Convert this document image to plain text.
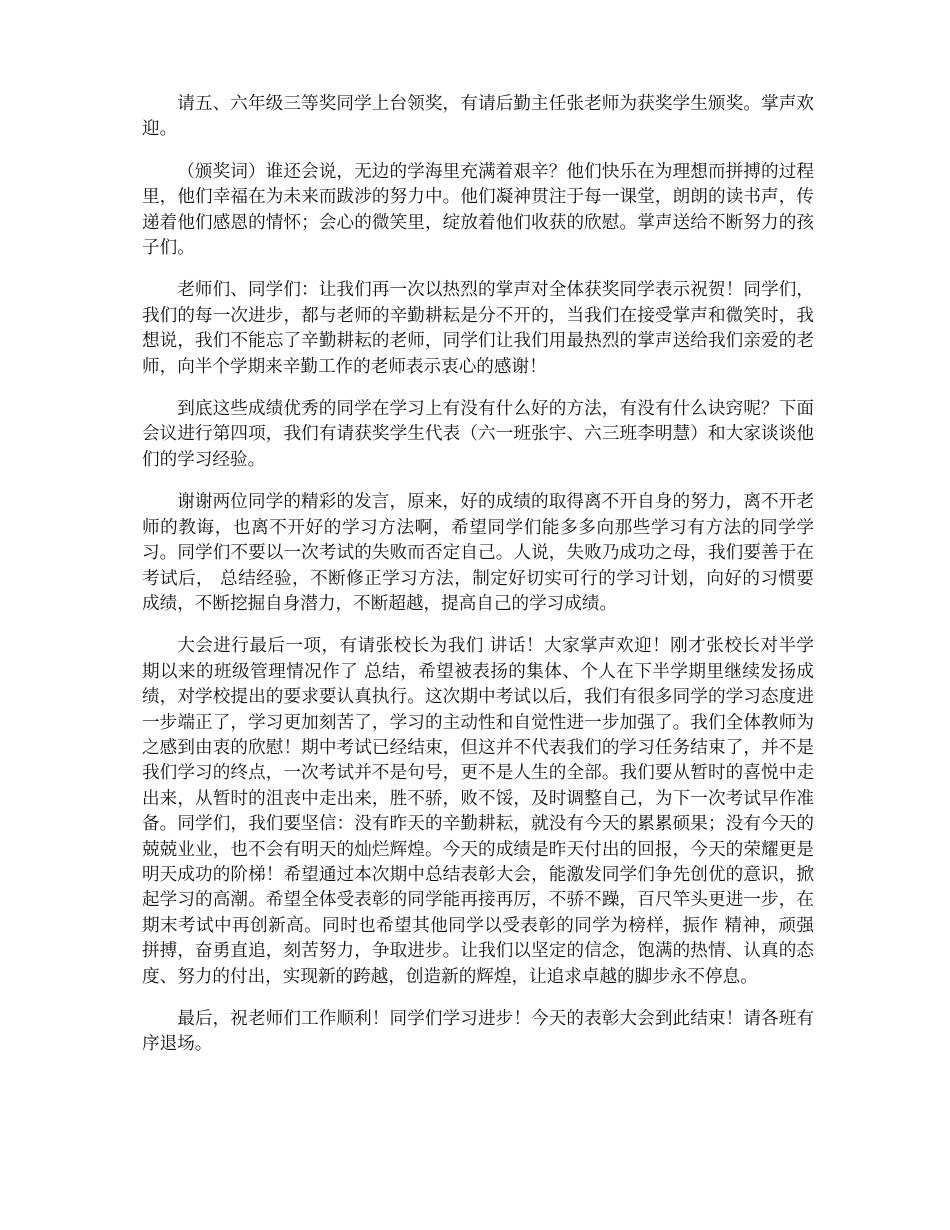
请五、六年级三等奖同学上台领奖，有请后勤主任张老师为获奖学生颁奖。掌声欢迎。

（颁奖词）谁还会说，无边的学海里充满着艰辛？他们快乐在为理想而拼搏的过程里，他们幸福在为未来而跋涉的努力中。他们凝神贯注于每一课堂，朗朗的读书声，传递着他们感恩的情怀；会心的微笑里，绽放着他们收获的欣慰。掌声送给不断努力的孩子们。

老师们、同学们：让我们再一次以热烈的掌声对全体获奖同学表示祝贺！同学们，我们的每一次进步，都与老师的辛勤耕耘是分不开的，当我们在接受掌声和微笑时，我想说，我们不能忘了辛勤耕耘的老师，同学们让我们用最热烈的掌声送给我们亲爱的老师，向半个学期来辛勤工作的老师表示衷心的感谢！

到底这些成绩优秀的同学在学习上有没有什么好的方法，有没有什么诀窍呢？下面会议进行第四项，我们有请获奖学生代表（六一班张宇、六三班李明慧）和大家谈谈他们的学习经验。

谢谢两位同学的精彩的发言，原来，好的成绩的取得离不开自身的努力，离不开老师的教诲，也离不开好的学习方法啊，希望同学们能多多向那些学习有方法的同学学习。同学们不要以一次考试的失败而否定自己。人说，失败乃成功之母，我们要善于在考试后， 总结经验，不断修正学习方法，制定好切实可行的学习计划，向好的习惯要成绩，不断挖掘自身潜力，不断超越，提高自己的学习成绩。

大会进行最后一项，有请张校长为我们 讲话！大家掌声欢迎！刚才张校长对半学期以来的班级管理情况作了 总结，希望被表扬的集体、个人在下半学期里继续发扬成绩，对学校提出的要求要认真执行。这次期中考试以后，我们有很多同学的学习态度进一步端正了，学习更加刻苦了，学习的主动性和自觉性进一步加强了。我们全体教师为之感到由衷的欣慰！期中考试已经结束，但这并不代表我们的学习任务结束了，并不是我们学习的终点，一次考试并不是句号，更不是人生的全部。我们要从暂时的喜悦中走出来，从暂时的沮丧中走出来，胜不骄，败不馁，及时调整自己，为下一次考试早作准备。同学们，我们要坚信：没有昨天的辛勤耕耘，就没有今天的累累硕果；没有今天的兢兢业业，也不会有明天的灿烂辉煌。今天的成绩是昨天付出的回报，今天的荣耀更是明天成功的阶梯！希望通过本次期中总结表彰大会，能激发同学们争先创优的意识，掀起学习的高潮。希望全体受表彰的同学能再接再厉，不骄不躁，百尺竿头更进一步，在期末考试中再创新高。同时也希望其他同学以受表彰的同学为榜样，振作 精神，顽强拼搏，奋勇直追，刻苦努力，争取进步。让我们以坚定的信念，饱满的热情、认真的态度、努力的付出，实现新的跨越，创造新的辉煌，让追求卓越的脚步永不停息。

最后，祝老师们工作顺利！同学们学习进步！今天的表彰大会到此结束！请各班有序退场。
